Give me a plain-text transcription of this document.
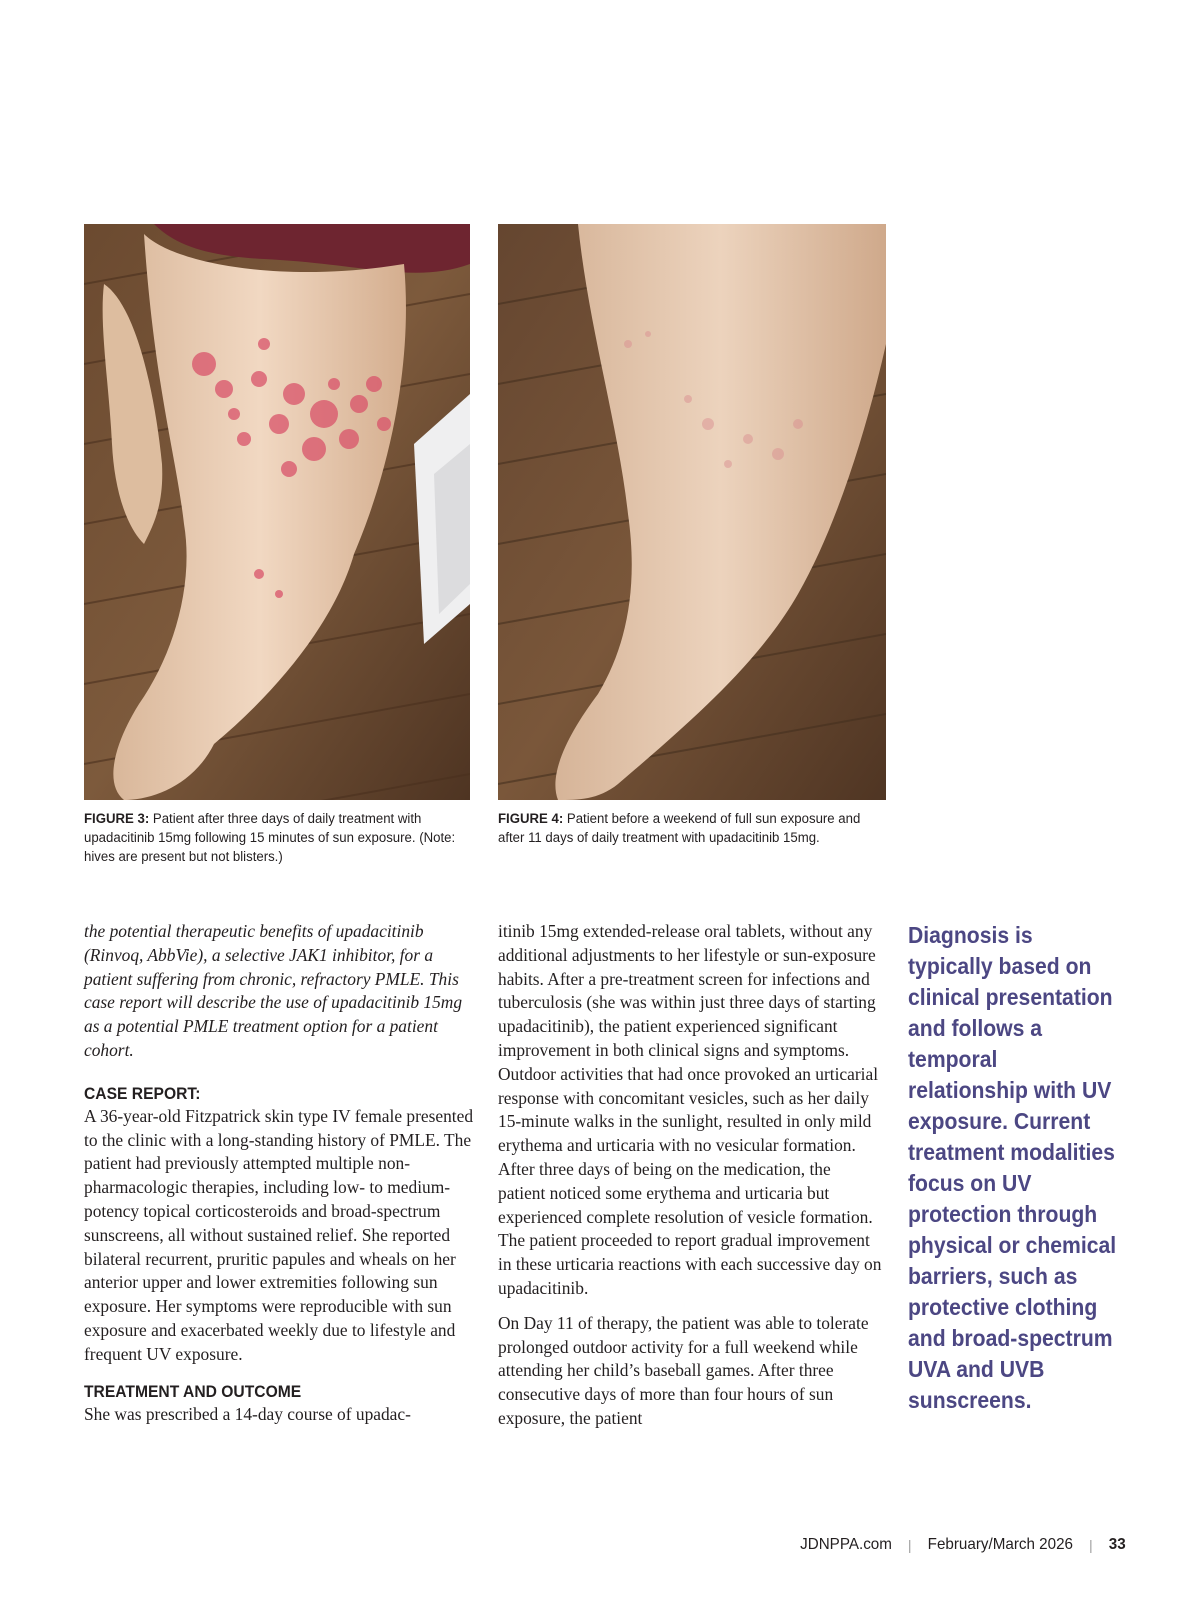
FIGURE 3: Patient after three days of daily treatment with upadacitinib 15mg following 15 minutes of sun exposure. (Note: hives are present but not blisters.)
FIGURE 4: Patient before a weekend of full sun exposure and after 11 days of daily treatment with upadacitinib 15mg.

the potential therapeutic benefits of upadacitinib (Rinvoq, AbbVie), a selective JAK1 inhibitor, for a patient suffering from chronic, refractory PMLE. This case report will describe the use of upadacitinib 15mg as a potential PMLE treatment option for a patient cohort.

CASE REPORT:

A 36-year-old Fitzpatrick skin type IV female presented to the clinic with a long-standing history of PMLE. The patient had previously attempted multiple non-pharmacologic therapies, including low- to medium-potency topical corticosteroids and broad-spectrum sunscreens, all without sustained relief. She reported bilateral recurrent, pruritic papules and wheals on her anterior upper and lower extremities following sun exposure. Her symptoms were reproducible with sun exposure and exacerbated weekly due to lifestyle and frequent UV exposure.

TREATMENT AND OUTCOME

She was prescribed a 14-day course of upadac-

itinib 15mg extended-release oral tablets, without any additional adjustments to her lifestyle or sun-exposure habits. After a pre-treatment screen for infections and tuberculosis (she was within just three days of starting upadacitinib), the patient experienced significant improvement in both clinical signs and symptoms. Outdoor activities that had once provoked an urticarial response with concomitant vesicles, such as her daily 15-minute walks in the sunlight, resulted in only mild erythema and urticaria with no vesicular formation. After three days of being on the medication, the patient noticed some erythema and urticaria but experienced complete resolution of vesicle formation. The patient proceeded to report gradual improvement in these urticaria reactions with each successive day on upadacitinib.

On Day 11 of therapy, the patient was able to tolerate prolonged outdoor activity for a full weekend while attending her child’s baseball games. After three consecutive days of more than four hours of sun exposure, the patient

Diagnosis is typically based on clinical presentation and follows a temporal relationship with UV exposure. Current treatment modalities focus on UV protection through physical or chemical barriers, such as protective clothing and broad-spectrum UVA and UVB sunscreens.
JDNPPA.com | February/March 2026 | 33
